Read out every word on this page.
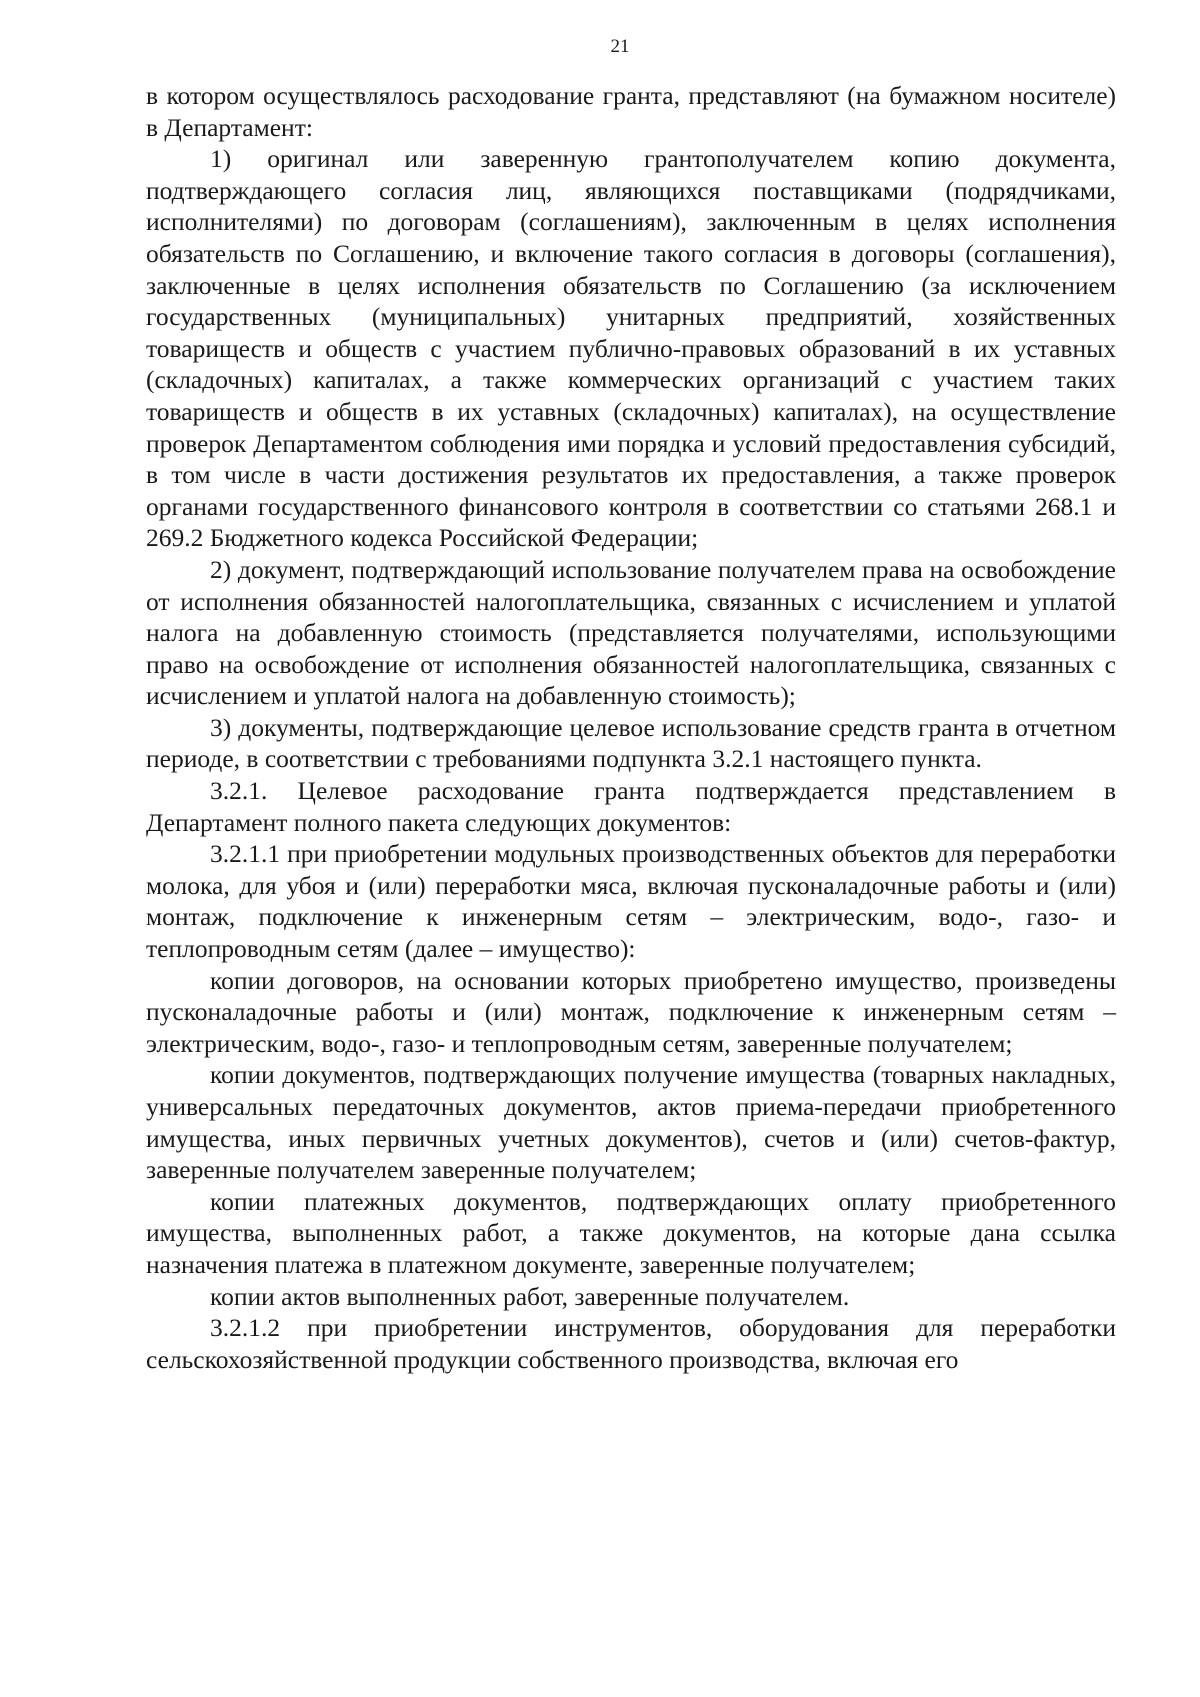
21

в котором осуществлялось расходование гранта, представляют (на бумажном носителе) в Департамент:

1) оригинал или заверенную грантополучателем копию документа, подтверждающего согласия лиц, являющихся поставщиками (подрядчиками, исполнителями) по договорам (соглашениям), заключенным в целях исполнения обязательств по Соглашению, и включение такого согласия в договоры (соглашения), заключенные в целях исполнения обязательств по Соглашению (за исключением государственных (муниципальных) унитарных предприятий, хозяйственных товариществ и обществ с участием публично-правовых образований в их уставных (складочных) капиталах, а также коммерческих организаций с участием таких товариществ и обществ в их уставных (складочных) капиталах), на осуществление проверок Департаментом соблюдения ими порядка и условий предоставления субсидий, в том числе в части достижения результатов их предоставления, а также проверок органами государственного финансового контроля в соответствии со статьями 268.1 и 269.2 Бюджетного кодекса Российской Федерации;

2) документ, подтверждающий использование получателем права на освобождение от исполнения обязанностей налогоплательщика, связанных с исчислением и уплатой налога на добавленную стоимость (представляется получателями, использующими право на освобождение от исполнения обязанностей налогоплательщика, связанных с исчислением и уплатой налога на добавленную стоимость);

3) документы, подтверждающие целевое использование средств гранта в отчетном периоде, в соответствии с требованиями подпункта 3.2.1 настоящего пункта.

3.2.1. Целевое расходование гранта подтверждается представлением в Департамент полного пакета следующих документов:

3.2.1.1 при приобретении модульных производственных объектов для переработки молока, для убоя и (или) переработки мяса, включая пусконаладочные работы и (или) монтаж, подключение к инженерным сетям – электрическим, водо-, газо- и теплопроводным сетям (далее – имущество):

копии договоров, на основании которых приобретено имущество, произведены пусконаладочные работы и (или) монтаж, подключение к инженерным сетям – электрическим, водо-, газо- и теплопроводным сетям, заверенные получателем;

копии документов, подтверждающих получение имущества (товарных накладных, универсальных передаточных документов, актов приема-передачи приобретенного имущества, иных первичных учетных документов), счетов и (или) счетов-фактур, заверенные получателем заверенные получателем;

копии платежных документов, подтверждающих оплату приобретенного имущества, выполненных работ, а также документов, на которые дана ссылка назначения платежа в платежном документе, заверенные получателем;

копии актов выполненных работ, заверенные получателем.

3.2.1.2 при приобретении инструментов, оборудования для переработки сельскохозяйственной продукции собственного производства, включая его
